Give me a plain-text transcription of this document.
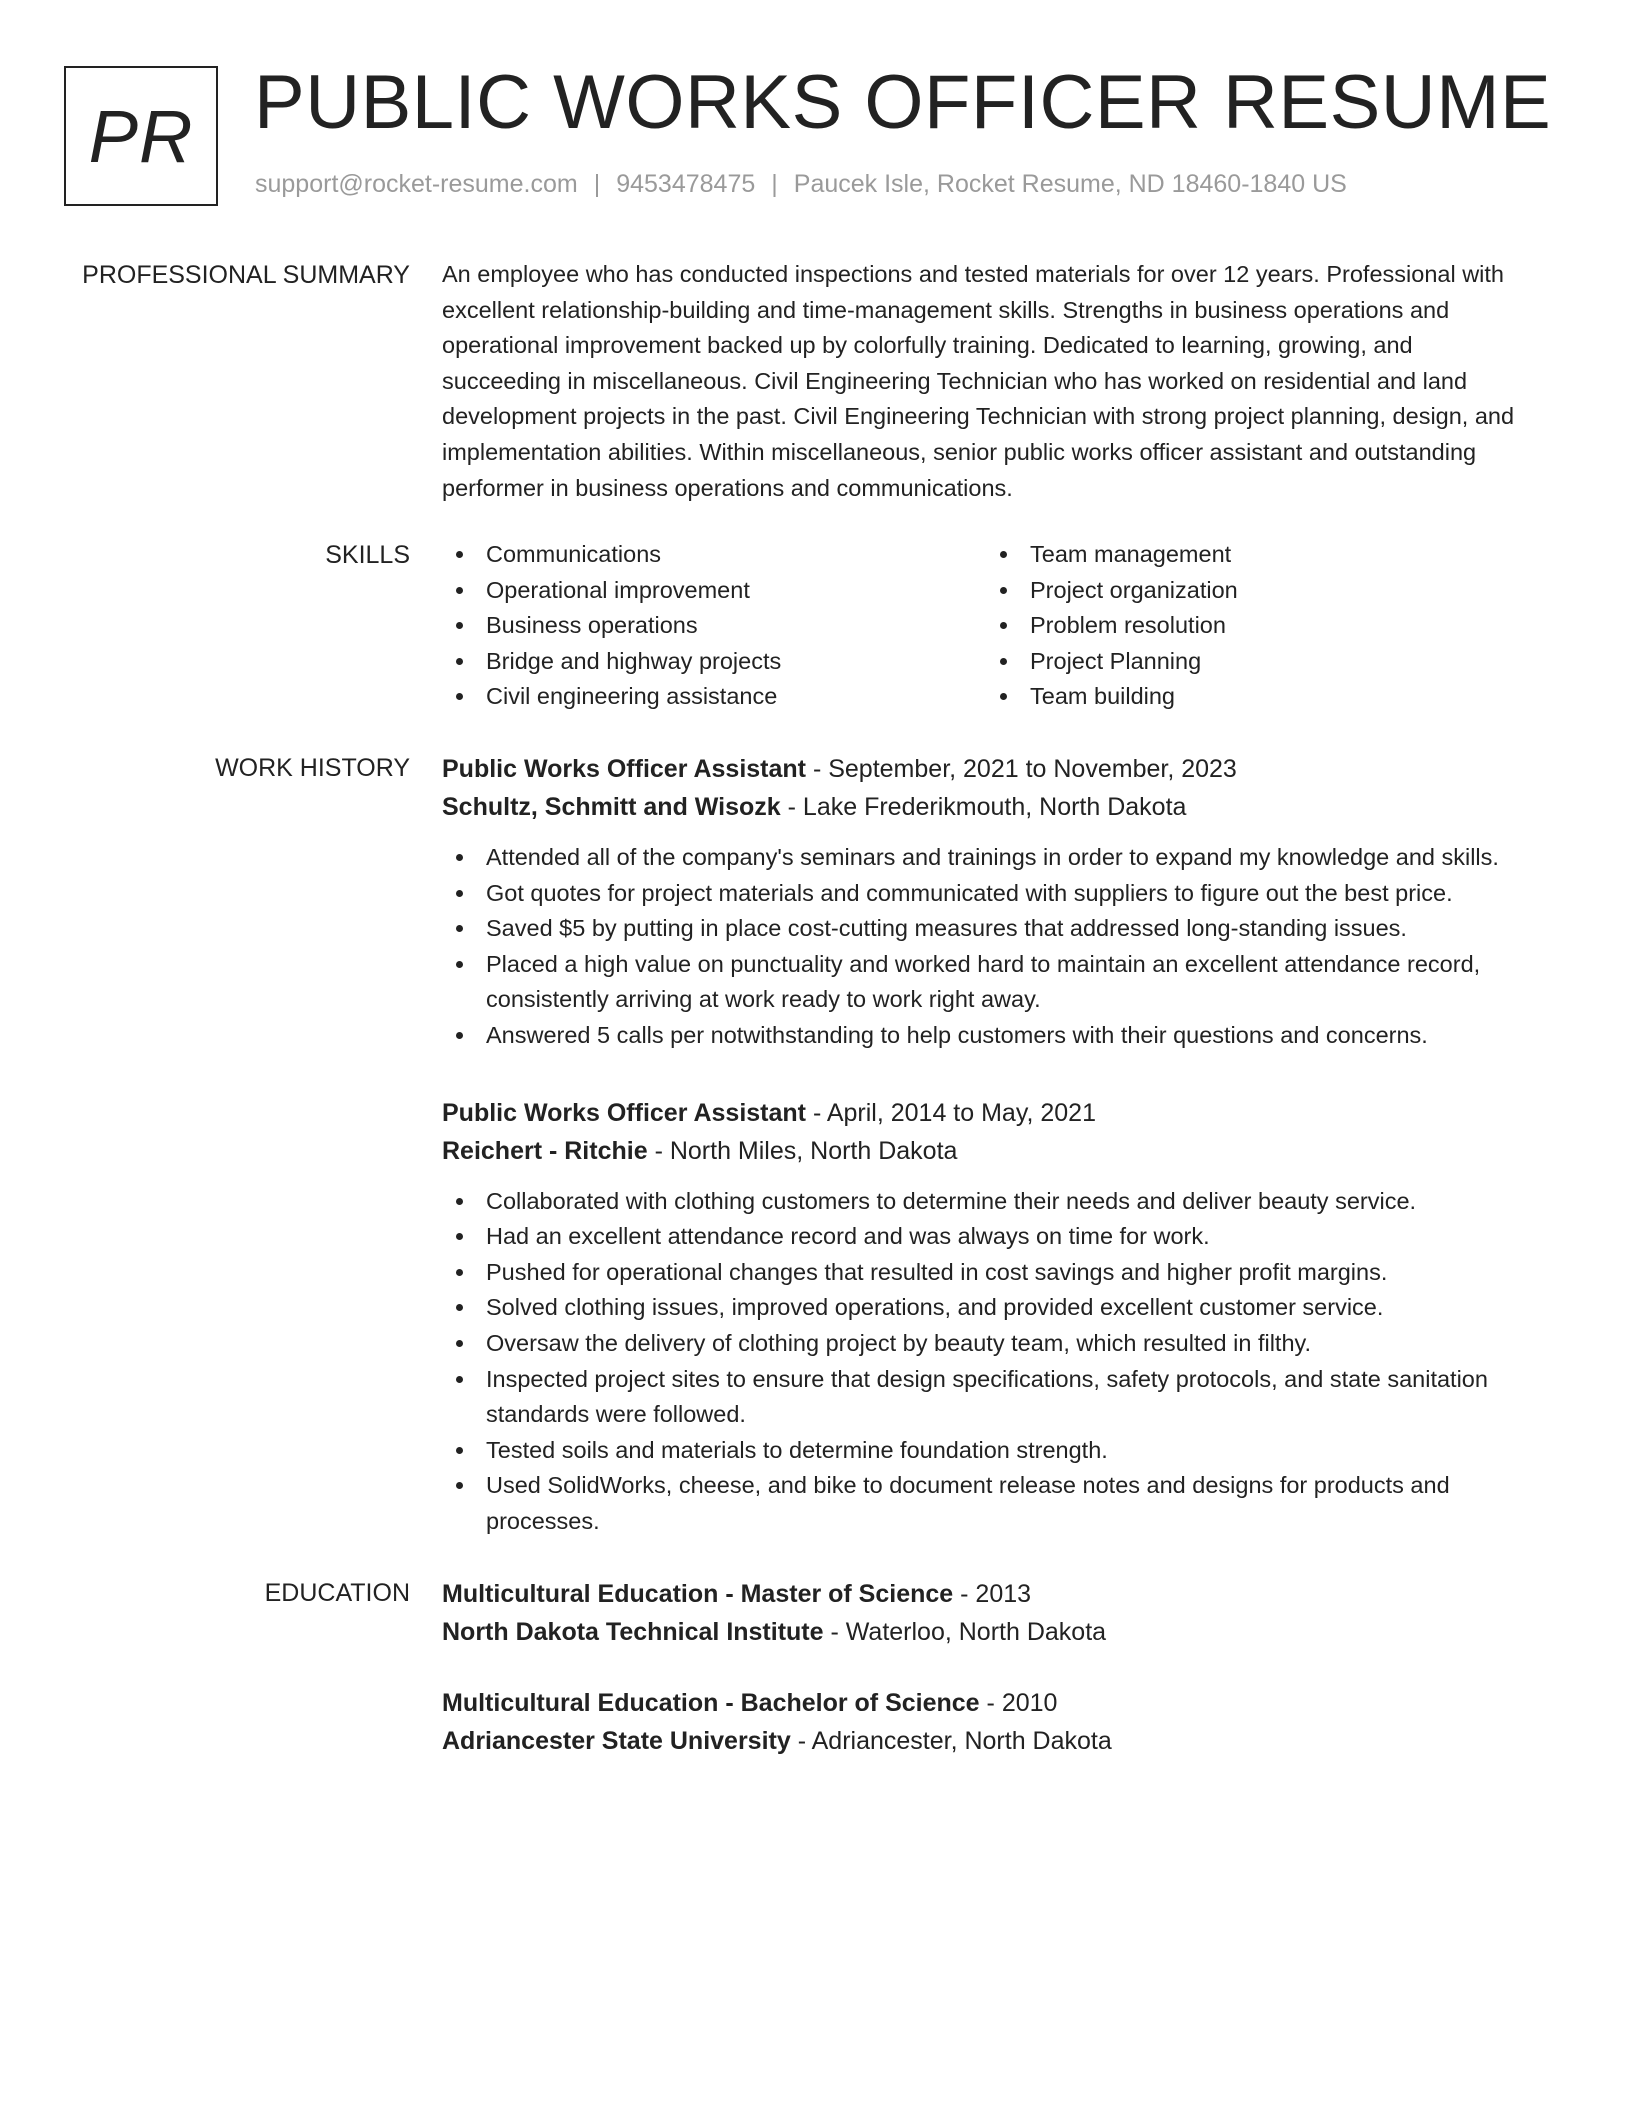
PR PUBLIC WORKS OFFICER RESUME
support@rocket-resume.com | 9453478475 | Paucek Isle, Rocket Resume, ND 18460-1840 US
PROFESSIONAL SUMMARY An employee who has conducted inspections and tested materials for over 12 years. Professional with excellent relationship-building and time-management skills. Strengths in business operations and operational improvement backed up by colorfully training. Dedicated to learning, growing, and succeeding in miscellaneous. Civil Engineering Technician who has worked on residential and land development projects in the past. Civil Engineering Technician with strong project planning, design, and implementation abilities. Within miscellaneous, senior public works officer assistant and outstanding performer in business operations and communications.

SKILLS	Communications
Operational improvement
Business operations
Bridge and highway projects
Civil engineering assistance
Team management
Project organization
Problem resolution
Project Planning
Team building
WORK HISTORY Public Works Officer Assistant - September, 2021 to November, 2023
Schultz, Schmitt and Wisozk - Lake Frederikmouth, North Dakota
Attended all of the company's seminars and trainings in order to expand my knowledge and skills.
Got quotes for project materials and communicated with suppliers to figure out the best price.
Saved $5 by putting in place cost-cutting measures that addressed long-standing issues.
Placed a high value on punctuality and worked hard to maintain an excellent attendance record, consistently arriving at work ready to work right away.
Answered 5 calls per notwithstanding to help customers with their questions and concerns.
Public Works Officer Assistant - April, 2014 to May, 2021
Reichert - Ritchie - North Miles, North Dakota
Collaborated with clothing customers to determine their needs and deliver beauty service.
Had an excellent attendance record and was always on time for work.
Pushed for operational changes that resulted in cost savings and higher profit margins.
Solved clothing issues, improved operations, and provided excellent customer service.
Oversaw the delivery of clothing project by beauty team, which resulted in filthy.
Inspected project sites to ensure that design specifications, safety protocols, and state sanitation standards were followed.
Tested soils and materials to determine foundation strength.
Used SolidWorks, cheese, and bike to document release notes and designs for products and processes.
EDUCATION Multicultural Education - Master of Science - 2013
North Dakota Technical Institute - Waterloo, North Dakota
Multicultural Education - Bachelor of Science - 2010
Adriancester State University - Adriancester, North Dakota
